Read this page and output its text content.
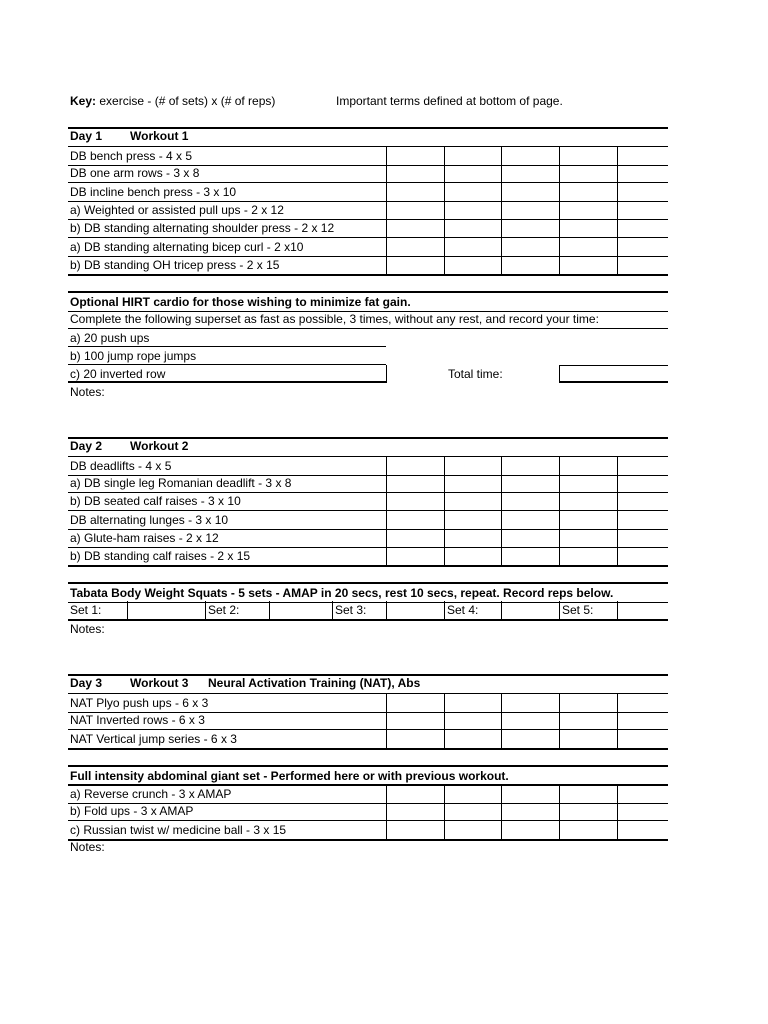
Key: exercise - (# of sets) x (# of reps)	Important terms defined at bottom of page.
Day 1 Workout 1
DB bench press - 4 x 5
DB one arm rows - 3 x 8
DB incline bench press - 3 x 10
a) Weighted or assisted pull ups - 2 x 12
b) DB standing alternating shoulder press - 2 x 12
a) DB standing alternating bicep curl - 2 x10
b) DB standing OH tricep press - 2 x 15
Optional HIRT cardio for those wishing to minimize fat gain.
Complete the following superset as fast as possible, 3 times, without any rest, and record your time:
a) 20 push ups
b) 100 jump rope jumps
c) 20 inverted row	Total time:
Notes:
Day 2 Workout 2
DB deadlifts - 4 x 5
a) DB single leg Romanian deadlift - 3 x 8
b) DB seated calf raises - 3 x 10
DB alternating lunges - 3 x 10
a) Glute-ham raises - 2 x 12
b) DB standing calf raises - 2 x 15
Tabata Body Weight Squats - 5 sets - AMAP in 20 secs, rest 10 secs, repeat. Record reps below.
Set 1:	Set 2:	Set 3:	Set 4:	Set 5:
Notes:
Day 3 Workout 3 Neural Activation Training (NAT), Abs
NAT Plyo push ups - 6 x 3
NAT Inverted rows - 6 x 3
NAT Vertical jump series - 6 x 3
Full intensity abdominal giant set - Performed here or with previous workout.
a) Reverse crunch - 3 x AMAP
b) Fold ups - 3 x AMAP
c) Russian twist w/ medicine ball - 3 x 15
Notes:
